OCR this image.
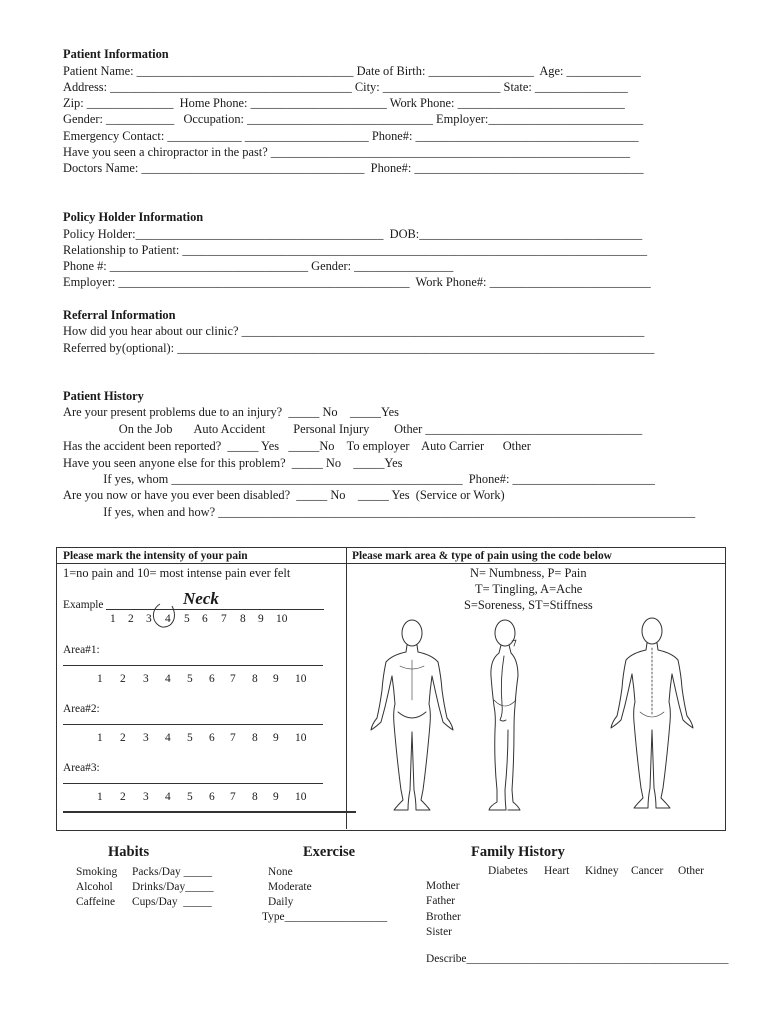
Patient Information
Patient Name: ___________________________________ Date of Birth: _________________  Age: ____________
Address: _______________________________________ City: ___________________ State: _______________
Zip: ______________  Home Phone: ______________________ Work Phone: ___________________________
Gender: ___________   Occupation: ______________________________ Employer:_________________________
Emergency Contact: ____________ ____________________ Phone#: ____________________________________
Have you seen a chiropractor in the past? __________________________________________________________
Doctors Name: ____________________________________  Phone#: _____________________________________
Policy Holder Information
Policy Holder:________________________________________  DOB:____________________________________
Relationship to Patient: ___________________________________________________________________________
Phone #: ________________________________ Gender: ________________
Employer: _______________________________________________  Work Phone#: __________________________
Referral Information
How did you hear about our clinic? _________________________________________________________________
Referred by(optional): _____________________________________________________________________________
Patient History
Are your present problems due to an injury?  _____ No    _____Yes
On the Job       Auto Accident         Personal Injury        Other ___________________________________
Has the accident been reported?  _____ Yes   _____No    To employer    Auto Carrier      Other
Have you seen anyone else for this problem?  _____ No    _____Yes
If yes, whom _______________________________________________  Phone#: _______________________
Are you now or have you ever been disabled?  _____ No    _____ Yes  (Service or Work)
If yes, when and how? _____________________________________________________________________________
Please mark the intensity of your pain	Please mark area & type of pain using the code below
1=no pain and 10= most intense pain ever felt
Example	Neck
1 2 3 4 5 6 7 8 9 10
Area#1:
1 2 3 4 5 6 7 8 9 10
Area#2:
1 2 3 4 5 6 7 8 9 10
Area#3:
1 2 3 4 5 6 7 8 9 10
N= Numbness, P= Pain
T= Tingling, A=Ache
S=Soreness, ST=Stiffness
Habits
Smoking Packs/Day _____
Alcohol Drinks/Day_____
Caffeine Cups/Day  _____
Exercise
None
Moderate
Daily
Type__________________
Family History
Diabetes Heart Kidney Cancer Other
Mother
Father
Brother
Sister
Describe______________________________________________
